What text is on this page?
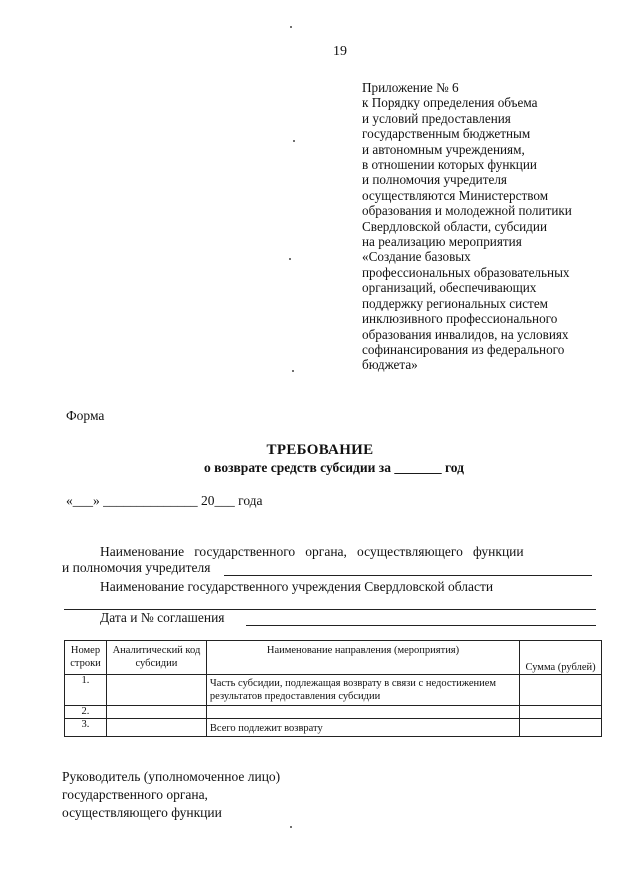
19
Приложение № 6
к Порядку определения объема
и условий предоставления
государственным бюджетным
и автономным учреждениям,
в отношении которых функции
и полномочия учредителя
осуществляются Министерством
образования и молодежной политики
Свердловской области, субсидии
на реализацию мероприятия
«Создание базовых
профессиональных образовательных
организаций, обеспечивающих
поддержку региональных систем
инклюзивного профессионального
образования инвалидов, на условиях
софинансирования из федерального
бюджета»
Форма
ТРЕБОВАНИЕ
о возврате средств субсидии за _______ год
«___» ______________ 20___ года
Наименование   государственного   органа,   осуществляющего   функции
и полномочия учредителя
Наименование государственного учреждения Свердловской области
Дата и № соглашения
Номер строки	Аналитический код субсидии	Наименование направления (мероприятия)	Сумма (рублей)
1.		Часть субсидии, подлежащая возврату в связи с недостижением результатов предоставления субсидии	
2.			
3.		Всего подлежит возврату	
Руководитель (уполномоченное лицо)
государственного органа,
осуществляющего функции
